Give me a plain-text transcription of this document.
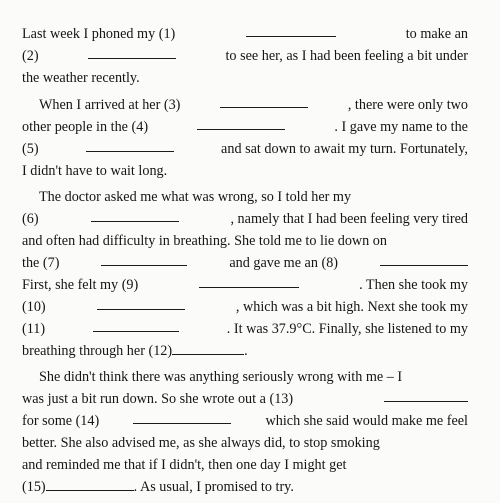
Last week I phoned my (1)	to make an
(2)	to see her, as I had been feeling a bit under
the weather recently.
When I arrived at her (3)	, there were only two
other people in the (4)	. I gave my name to the
(5)	and sat down to await my turn. Fortunately,
I didn't have to wait long.
The doctor asked me what was wrong, so I told her my
(6)	, namely that I had been feeling very tired
and often had difficulty in breathing. She told me to lie down on
the (7)	and gave me an (8)
First, she felt my (9)	. Then she took my
(10)	, which was a bit high. Next she took my
(11)	. It was 37.9°C. Finally, she listened to my
breathing through her (12)	.
She didn't think there was anything seriously wrong with me – I
was just a bit run down. So she wrote out a (13)
for some (14)	which she said would make me feel
better. She also advised me, as she always did, to stop smoking
and reminded me that if I didn't, then one day I might get
(15)	. As usual, I promised to try.
